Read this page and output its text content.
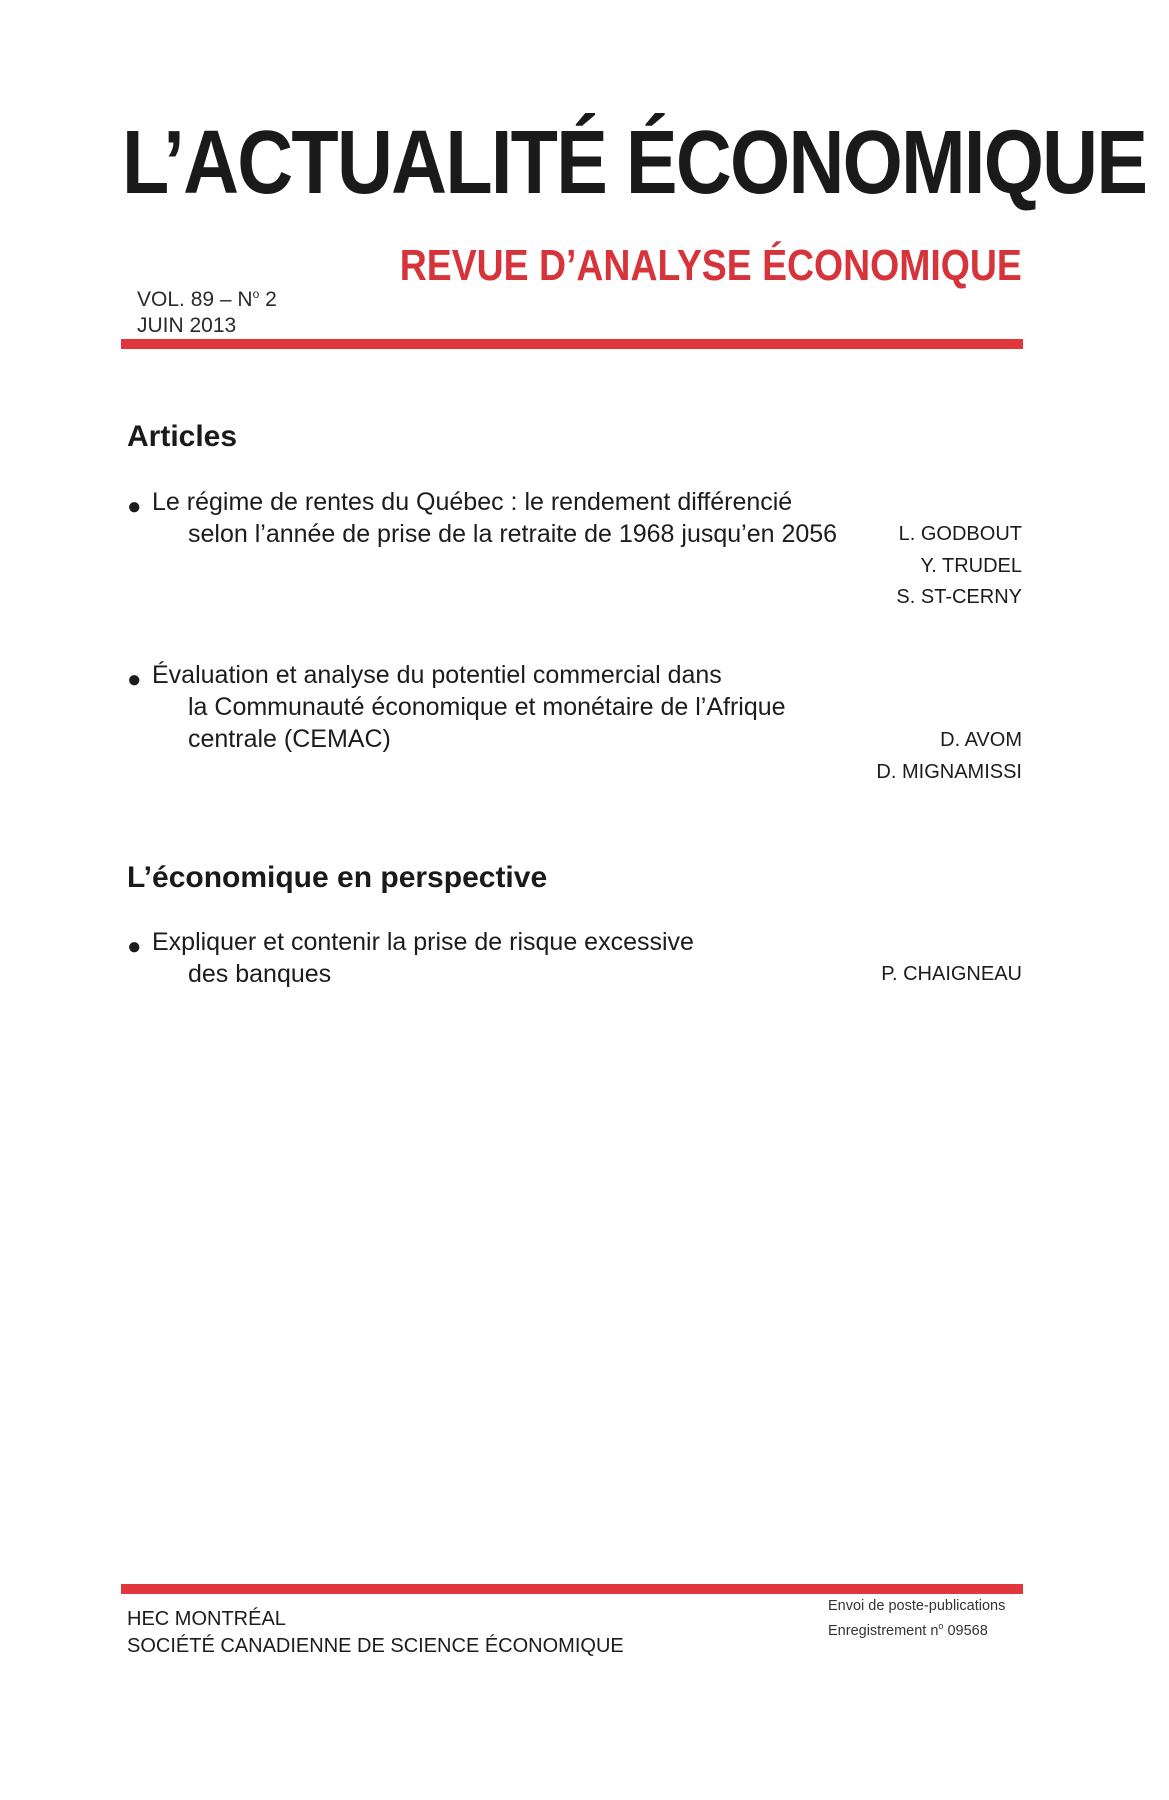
L’ACTUALITÉ ÉCONOMIQUE
REVUE D’ANALYSE ÉCONOMIQUE
VOL. $89 - N^o$ 2
JUIN 2013
Articles
● Le régime de rentes du Québec : le rendement différencié
selon l’année de prise de la retraite de 1968 jusqu’en 2056	L. GODBOUT
Y. TRUDEL
S. ST-CERNY
● Évaluation et analyse du potentiel commercial dans
la Communauté économique et monétaire de l’Afrique
centrale (CEMAC)	D. AVOM
D. MIGNAMISSI
L’économique en perspective
● Expliquer et contenir la prise de risque excessive
des banques	P. CHAIGNEAU
HEC MONTRÉAL
SOCIÉTÉ CANADIENNE DE SCIENCE ÉCONOMIQUE
Envoi de poste-publications
Enregistrement $n^o$ 09568
